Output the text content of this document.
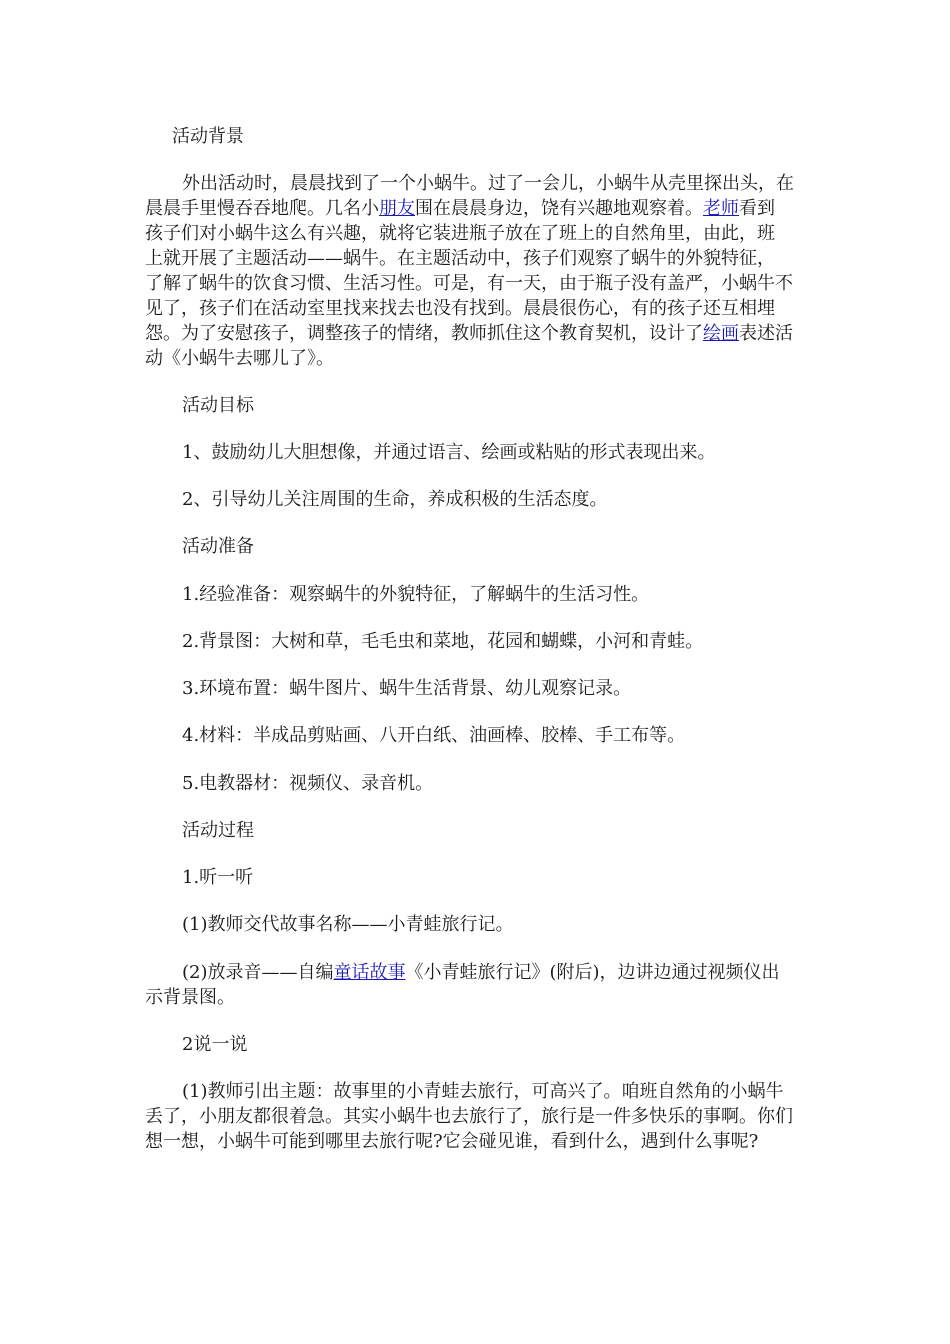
活动背景

外出活动时，晨晨找到了一个小蜗牛。过了一会儿，小蜗牛从壳里探出头，在
晨晨手里慢吞吞地爬。几名小朋友围在晨晨身边，饶有兴趣地观察着。老师看到
孩子们对小蜗牛这么有兴趣，就将它装进瓶子放在了班上的自然角里，由此，班
上就开展了主题活动——蜗牛。在主题活动中，孩子们观察了蜗牛的外貌特征，
了解了蜗牛的饮食习惯、生活习性。可是，有一天，由于瓶子没有盖严，小蜗牛不
见了，孩子们在活动室里找来找去也没有找到。晨晨很伤心，有的孩子还互相埋
怨。为了安慰孩子，调整孩子的情绪，教师抓住这个教育契机，设计了绘画表述活
动《小蜗牛去哪儿了》。

活动目标

1、鼓励幼儿大胆想像，并通过语言、绘画或粘贴的形式表现出来。

2、引导幼儿关注周围的生命，养成积极的生活态度。

活动准备

1.经验准备：观察蜗牛的外貌特征，了解蜗牛的生活习性。

2.背景图：大树和草，毛毛虫和菜地，花园和蝴蝶，小河和青蛙。

3.环境布置：蜗牛图片、蜗牛生活背景、幼儿观察记录。

4.材料：半成品剪贴画、八开白纸、油画棒、胶棒、手工布等。

5.电教器材：视频仪、录音机。

活动过程

1.听一听

(1)教师交代故事名称——小青蛙旅行记。

(2)放录音——自编童话故事《小青蛙旅行记》(附后)，边讲边通过视频仪出
示背景图。

2说一说

(1)教师引出主题：故事里的小青蛙去旅行，可高兴了。咱班自然角的小蜗牛
丢了，小朋友都很着急。其实小蜗牛也去旅行了，旅行是一件多快乐的事啊。你们
想一想，小蜗牛可能到哪里去旅行呢?它会碰见谁，看到什么，遇到什么事呢?
